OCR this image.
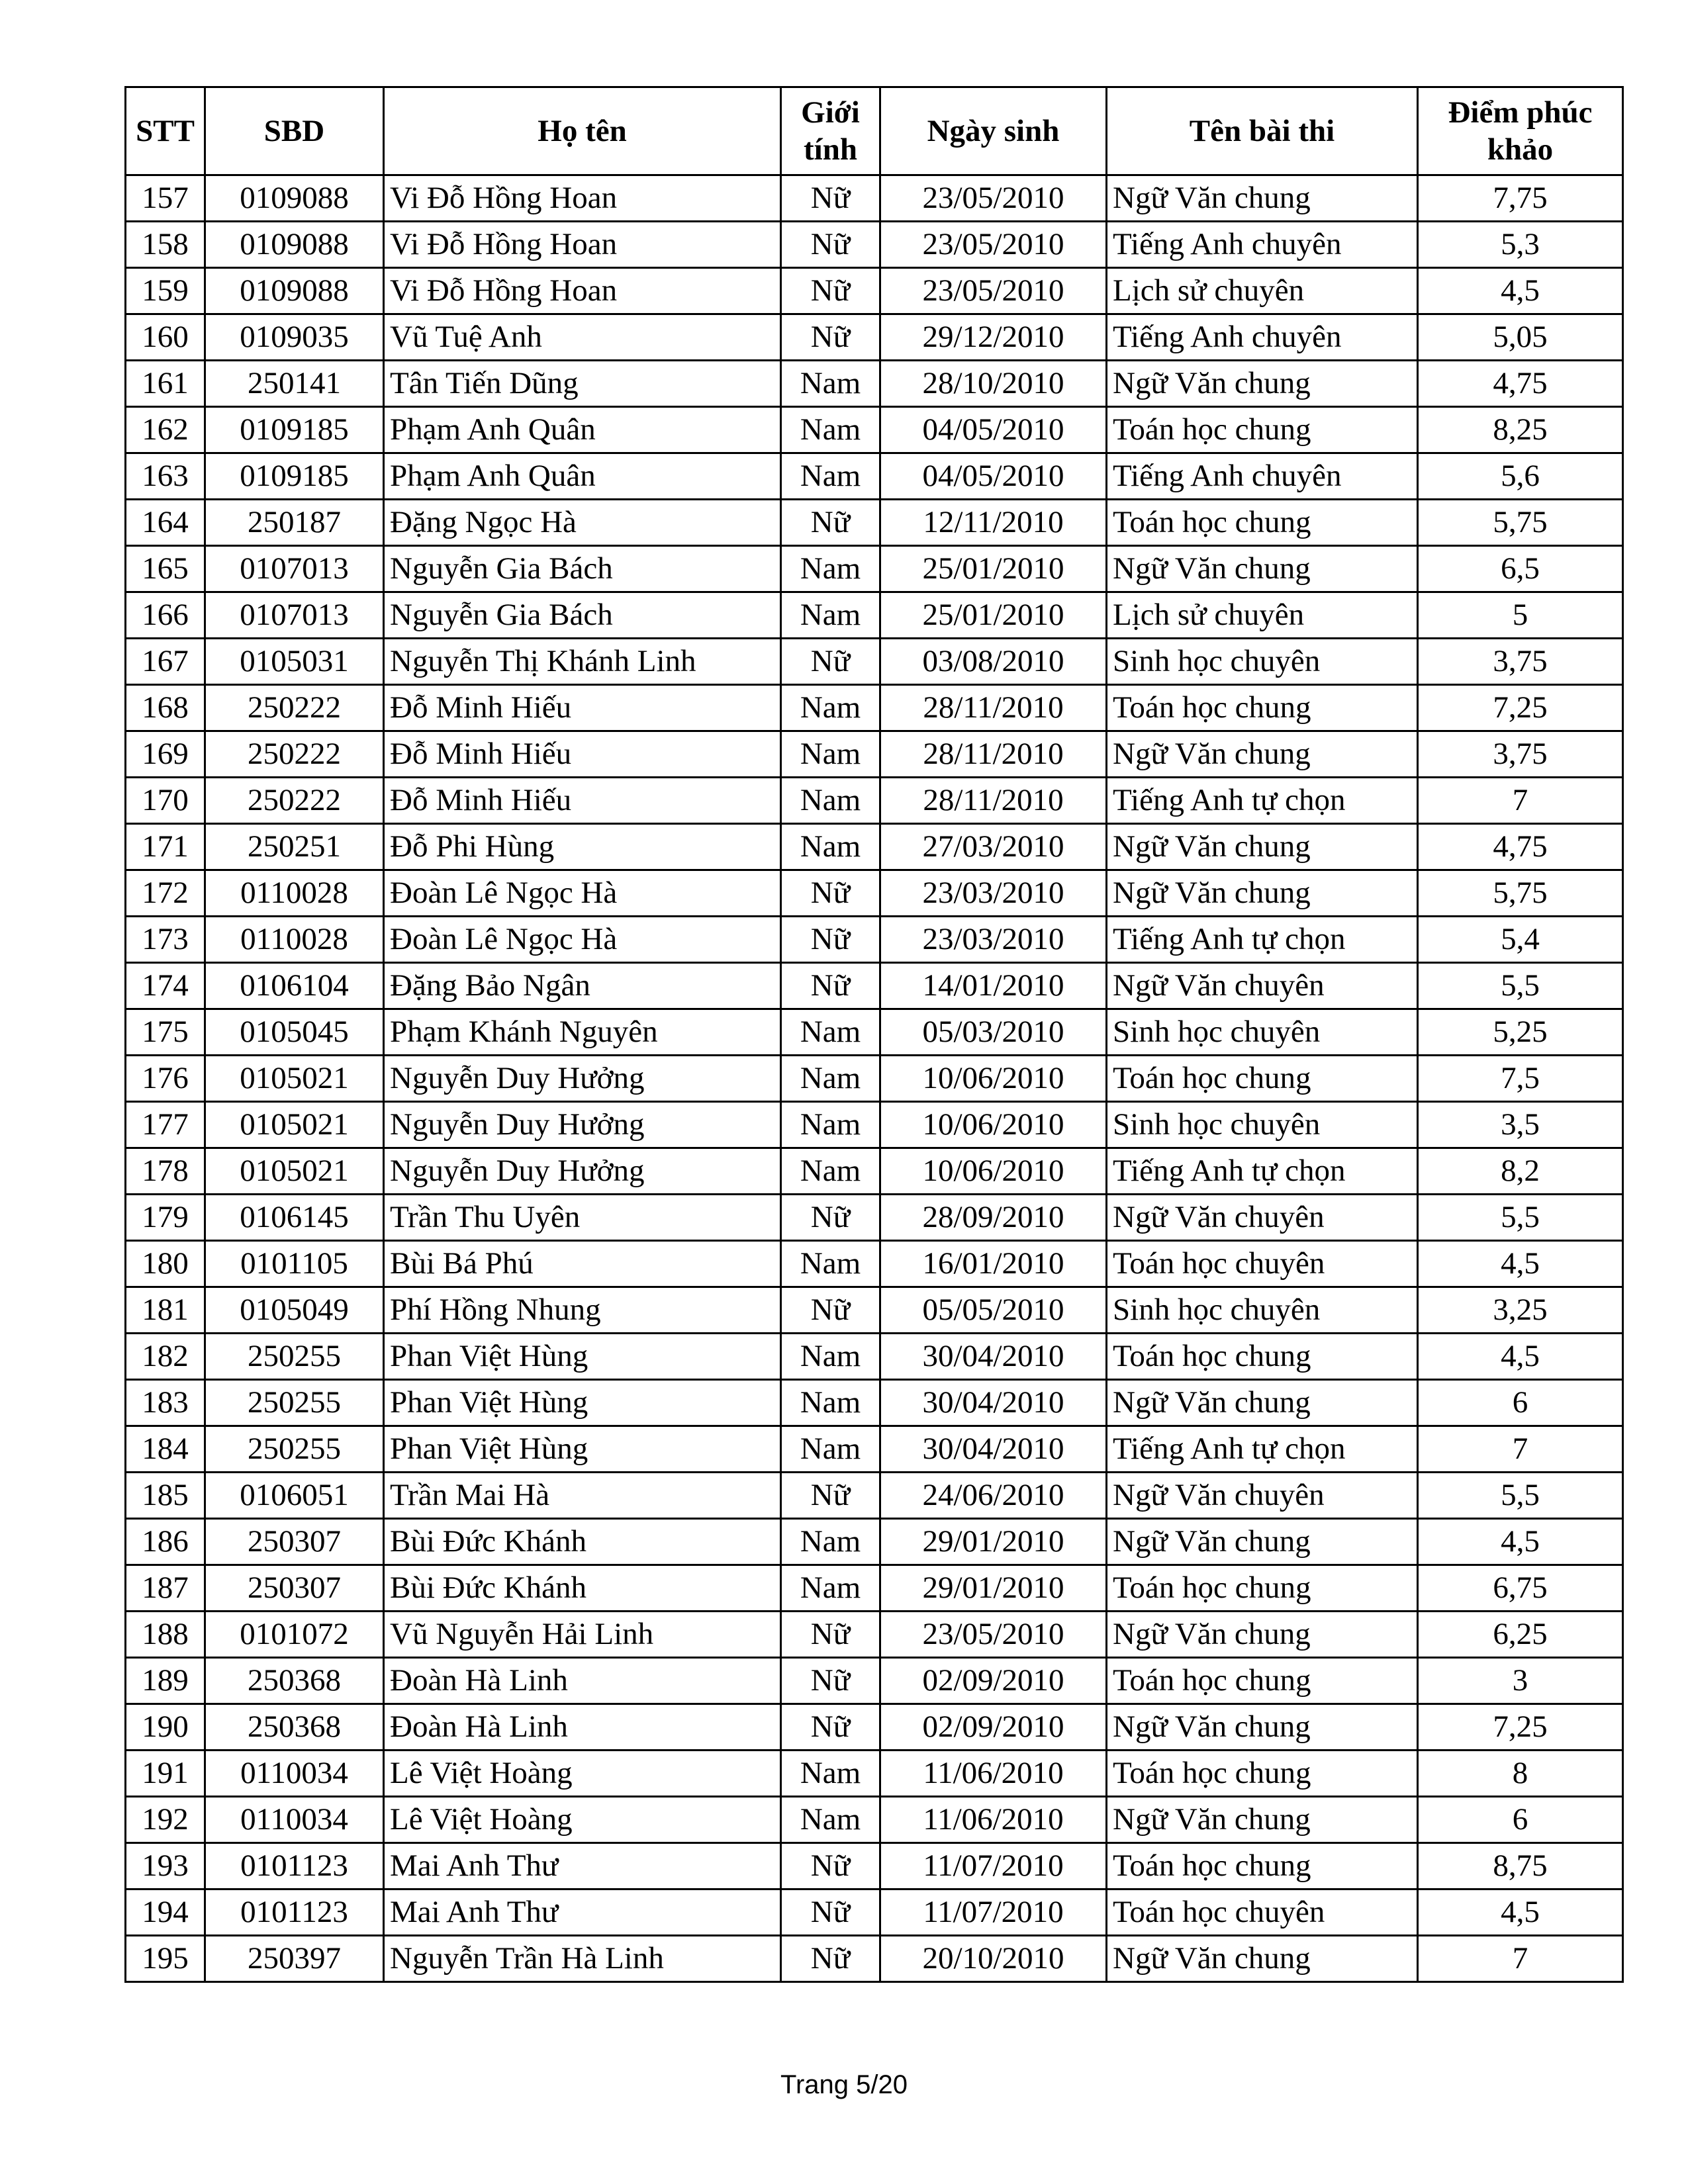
STT	SBD	Họ tên	Giới tính	Ngày sinh	Tên bài thi	Điểm phúc khảo
157	0109088	Vi Đỗ Hồng Hoan	Nữ	23/05/2010	Ngữ Văn chung	7,75
158	0109088	Vi Đỗ Hồng Hoan	Nữ	23/05/2010	Tiếng Anh chuyên	5,3
159	0109088	Vi Đỗ Hồng Hoan	Nữ	23/05/2010	Lịch sử chuyên	4,5
160	0109035	Vũ Tuệ Anh	Nữ	29/12/2010	Tiếng Anh chuyên	5,05
161	250141	Tân Tiến Dũng	Nam	28/10/2010	Ngữ Văn chung	4,75
162	0109185	Phạm Anh Quân	Nam	04/05/2010	Toán học chung	8,25
163	0109185	Phạm Anh Quân	Nam	04/05/2010	Tiếng Anh chuyên	5,6
164	250187	Đặng Ngọc Hà	Nữ	12/11/2010	Toán học chung	5,75
165	0107013	Nguyễn Gia Bách	Nam	25/01/2010	Ngữ Văn chung	6,5
166	0107013	Nguyễn Gia Bách	Nam	25/01/2010	Lịch sử chuyên	5
167	0105031	Nguyễn Thị Khánh Linh	Nữ	03/08/2010	Sinh học chuyên	3,75
168	250222	Đỗ Minh Hiếu	Nam	28/11/2010	Toán học chung	7,25
169	250222	Đỗ Minh Hiếu	Nam	28/11/2010	Ngữ Văn chung	3,75
170	250222	Đỗ Minh Hiếu	Nam	28/11/2010	Tiếng Anh tự chọn	7
171	250251	Đỗ Phi Hùng	Nam	27/03/2010	Ngữ Văn chung	4,75
172	0110028	Đoàn Lê Ngọc Hà	Nữ	23/03/2010	Ngữ Văn chung	5,75
173	0110028	Đoàn Lê Ngọc Hà	Nữ	23/03/2010	Tiếng Anh tự chọn	5,4
174	0106104	Đặng Bảo Ngân	Nữ	14/01/2010	Ngữ Văn chuyên	5,5
175	0105045	Phạm Khánh Nguyên	Nam	05/03/2010	Sinh học chuyên	5,25
176	0105021	Nguyễn Duy Hưởng	Nam	10/06/2010	Toán học chung	7,5
177	0105021	Nguyễn Duy Hưởng	Nam	10/06/2010	Sinh học chuyên	3,5
178	0105021	Nguyễn Duy Hưởng	Nam	10/06/2010	Tiếng Anh tự chọn	8,2
179	0106145	Trần Thu Uyên	Nữ	28/09/2010	Ngữ Văn chuyên	5,5
180	0101105	Bùi Bá Phú	Nam	16/01/2010	Toán học chuyên	4,5
181	0105049	Phí Hồng Nhung	Nữ	05/05/2010	Sinh học chuyên	3,25
182	250255	Phan Việt Hùng	Nam	30/04/2010	Toán học chung	4,5
183	250255	Phan Việt Hùng	Nam	30/04/2010	Ngữ Văn chung	6
184	250255	Phan Việt Hùng	Nam	30/04/2010	Tiếng Anh tự chọn	7
185	0106051	Trần Mai Hà	Nữ	24/06/2010	Ngữ Văn chuyên	5,5
186	250307	Bùi Đức Khánh	Nam	29/01/2010	Ngữ Văn chung	4,5
187	250307	Bùi Đức Khánh	Nam	29/01/2010	Toán học chung	6,75
188	0101072	Vũ Nguyễn Hải Linh	Nữ	23/05/2010	Ngữ Văn chung	6,25
189	250368	Đoàn Hà Linh	Nữ	02/09/2010	Toán học chung	3
190	250368	Đoàn Hà Linh	Nữ	02/09/2010	Ngữ Văn chung	7,25
191	0110034	Lê Việt Hoàng	Nam	11/06/2010	Toán học chung	8
192	0110034	Lê Việt Hoàng	Nam	11/06/2010	Ngữ Văn chung	6
193	0101123	Mai Anh Thư	Nữ	11/07/2010	Toán học chung	8,75
194	0101123	Mai Anh Thư	Nữ	11/07/2010	Toán học chuyên	4,5
195	250397	Nguyễn Trần Hà Linh	Nữ	20/10/2010	Ngữ Văn chung	7
Trang 5/20
